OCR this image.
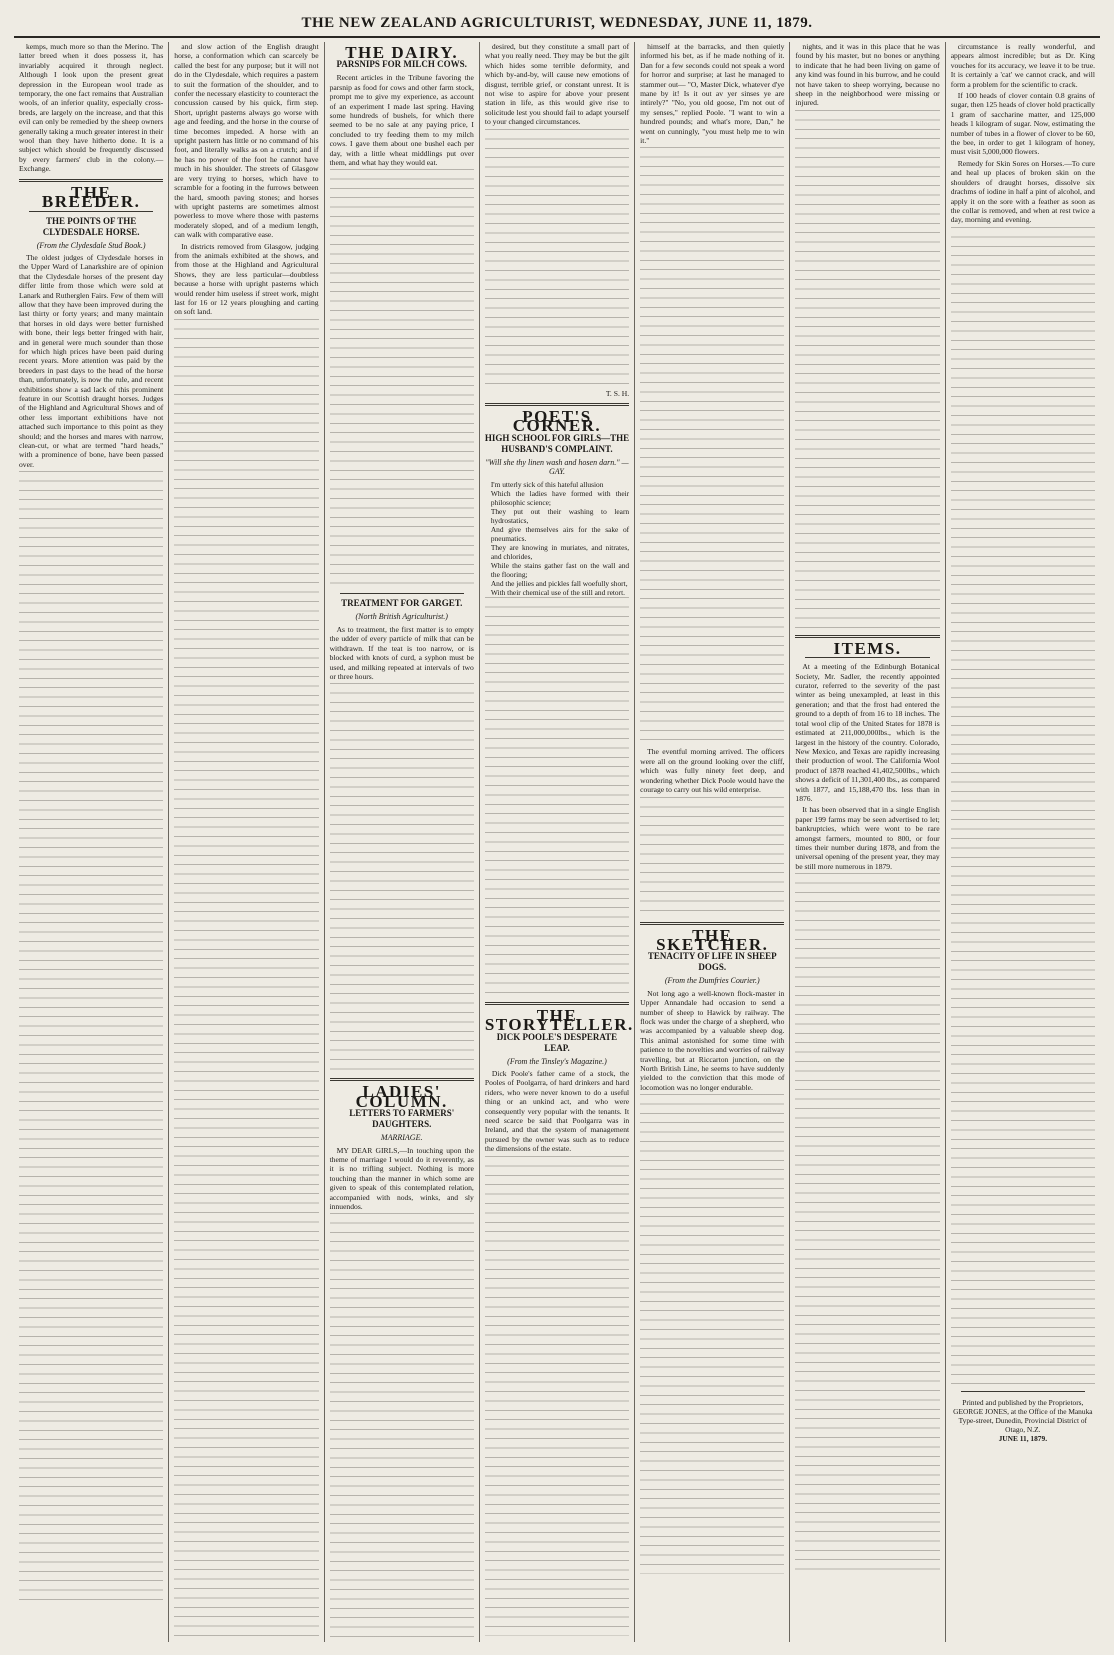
THE NEW ZEALAND AGRICULTURIST, WEDNESDAY, JUNE 11, 1879.

kemps, much more so than the Merino. The latter breed when it does possess it, has invariably acquired it through neglect. Although I look upon the present great depression in the European wool trade as temporary, the one fact remains that Australian wools, of an inferior quality, especially cross-breds, are largely on the increase, and that this evil can only be remedied by the sheep owners generally taking a much greater interest in their wool than they have hitherto done. It is a subject which should be frequently discussed by every farmers' club in the colony.—Exchange.

THE BREEDER.
THE POINTS OF THE CLYDESDALE HORSE.
(From the Clydesdale Stud Book.)

The oldest judges of Clydesdale horses in the Upper Ward of Lanarkshire are of opinion that the Clydesdale horses of the present day differ little from those which were sold at Lanark and Rutherglen Fairs. Few of them will allow that they have been improved during the last thirty or forty years; and many maintain that horses in old days were better furnished with bone, their legs better fringed with hair, and in general were much sounder than those for which high prices have been paid during recent years. More attention was paid by the breeders in past days to the head of the horse than, unfortunately, is now the rule, and recent exhibitions show a sad lack of this prominent feature in our Scottish draught horses. Judges of the Highland and Agricultural Shows and of other less important exhibitions have not attached such importance to this point as they should; and the horses and mares with narrow, clean-cut, or what are termed "hard heads," with a prominence of bone, have been passed over.

and slow action of the English draught horse, a conformation which can scarcely be called the best for any purpose; but it will not do in the Clydesdale, which requires a pastern to suit the formation of the shoulder, and to confer the necessary elasticity to counteract the concussion caused by his quick, firm step. Short, upright pasterns always go worse with age and feeding, and the horse in the course of time becomes impeded. A horse with an upright pastern has little or no command of his foot, and literally walks as on a crutch; and if he has no power of the foot he cannot have much in his shoulder. The streets of Glasgow are very trying to horses, which have to scramble for a footing in the furrows between the hard, smooth paving stones; and horses with upright pasterns are sometimes almost powerless to move where those with pasterns moderately sloped, and of a medium length, can walk with comparative ease.

In districts removed from Glasgow, judging from the animals exhibited at the shows, and from those at the Highland and Agricultural Shows, they are less particular—doubtless because a horse with upright pasterns which would render him useless if street work, might last for 16 or 12 years ploughing and carting on soft land.

THE DAIRY.
PARSNIPS FOR MILCH COWS.

Recent articles in the Tribune favoring the parsnip as food for cows and other farm stock, prompt me to give my experience, as account of an experiment I made last spring. Having some hundreds of bushels, for which there seemed to be no sale at any paying price, I concluded to try feeding them to my milch cows. I gave them about one bushel each per day, with a little wheat middlings put over them, and what hay they would eat.

TREATMENT FOR GARGET.
(North British Agriculturist.)

As to treatment, the first matter is to empty the udder of every particle of milk that can be withdrawn. If the teat is too narrow, or is blocked with knots of curd, a syphon must be used, and milking repeated at intervals of two or three hours.

LADIES' COLUMN.
LETTERS TO FARMERS' DAUGHTERS.
MARRIAGE.

MY DEAR GIRLS,—In touching upon the theme of marriage I would do it reverently, as it is no trifling subject. Nothing is more touching than the manner in which some are given to speak of this contemplated relation, accompanied with nods, winks, and sly innuendos.

desired, but they constitute a small part of what you really need. They may be but the gilt which hides some terrible deformity, and which by-and-by, will cause new emotions of disgust, terrible grief, or constant unrest. It is not wise to aspire for above your present station in life, as this would give rise to solicitude lest you should fail to adapt yourself to your changed circumstances.

T. S. H.
POET'S CORNER.
HIGH SCHOOL FOR GIRLS—THE HUSBAND'S COMPLAINT.
"Will she thy linen wash and hosen darn." —GAY.
I'm utterly sick of this hateful allusion
Which the ladies have formed with their philosophic science;
They put out their washing to learn hydrostatics,
And give themselves airs for the sake of pneumatics.
They are knowing in muriates, and nitrates, and chlorides,
While the stains gather fast on the wall and the flooring;
And the jellies and pickles fall woefully short,
With their chemical use of the still and retort.
THE STORYTELLER.
DICK POOLE'S DESPERATE LEAP.
(From the Tinsley's Magazine.)

Dick Poole's father came of a stock, the Pooles of Poolgarra, of hard drinkers and hard riders, who were never known to do a useful thing or an unkind act, and who were consequently very popular with the tenants. It need scarce be said that Poolgarra was in Ireland, and that the system of management pursued by the owner was such as to reduce the dimensions of the estate.

himself at the barracks, and then quietly informed his bet, as if he made nothing of it. Dan for a few seconds could not speak a word for horror and surprise; at last he managed to stammer out— "O, Master Dick, whatever d'ye mane by it! Is it out av yer sinses ye are intirely?" "No, you old goose, I'm not out of my senses," replied Poole. "I want to win a hundred pounds; and what's more, Dan," he went on cunningly, "you must help me to win it."

The eventful morning arrived. The officers were all on the ground looking over the cliff, which was fully ninety feet deep, and wondering whether Dick Poole would have the courage to carry out his wild enterprise.

THE SKETCHER.
TENACITY OF LIFE IN SHEEP DOGS.
(From the Dumfries Courier.)

Not long ago a well-known flock-master in Upper Annandale had occasion to send a number of sheep to Hawick by railway. The flock was under the charge of a shepherd, who was accompanied by a valuable sheep dog. This animal astonished for some time with patience to the novelties and worries of railway travelling, but at Riccarton junction, on the North British Line, he seems to have suddenly yielded to the conviction that this mode of locomotion was no longer endurable.

nights, and it was in this place that he was found by his master, but no bones or anything to indicate that he had been living on game of any kind was found in his burrow, and he could not have taken to sheep worrying, because no sheep in the neighborhood were missing or injured.

ITEMS.

At a meeting of the Edinburgh Botanical Society, Mr. Sadler, the recently appointed curator, referred to the severity of the past winter as being unexampled, at least in this generation; and that the frost had entered the ground to a depth of from 16 to 18 inches. The total wool clip of the United States for 1878 is estimated at 211,000,000lbs., which is the largest in the history of the country. Colorado, New Mexico, and Texas are rapidly increasing their production of wool. The California Wool product of 1878 reached 41,402,500lbs., which shows a deficit of 11,301,400 lbs., as compared with 1877, and 15,188,470 lbs. less than in 1876.

It has been observed that in a single English paper 199 farms may be seen advertised to let; bankruptcies, which were wont to be rare amongst farmers, mounted to 800, or four times their number during 1878, and from the universal opening of the present year, they may be still more numerous in 1879.

circumstance is really wonderful, and appears almost incredible; but as Dr. King vouches for its accuracy, we leave it to be true. It is certainly a 'cat' we cannot crack, and will form a problem for the scientific to crack.

If 100 heads of clover contain 0.8 grains of sugar, then 125 heads of clover hold practically 1 gram of saccharine matter, and 125,000 heads 1 kilogram of sugar. Now, estimating the number of tubes in a flower of clover to be 60, the bee, in order to get 1 kilogram of honey, must visit 5,000,000 flowers.

Remedy for Skin Sores on Horses.—To cure and heal up places of broken skin on the shoulders of draught horses, dissolve six drachms of iodine in half a pint of alcohol, and apply it on the sore with a feather as soon as the collar is removed, and when at rest twice a day, morning and evening.

Printed and published by the Proprietors,
GEORGE JONES, at the Office of the Manuka Type-street, Dunedin, Provincial District of Otago, N.Z.
JUNE 11, 1879.
